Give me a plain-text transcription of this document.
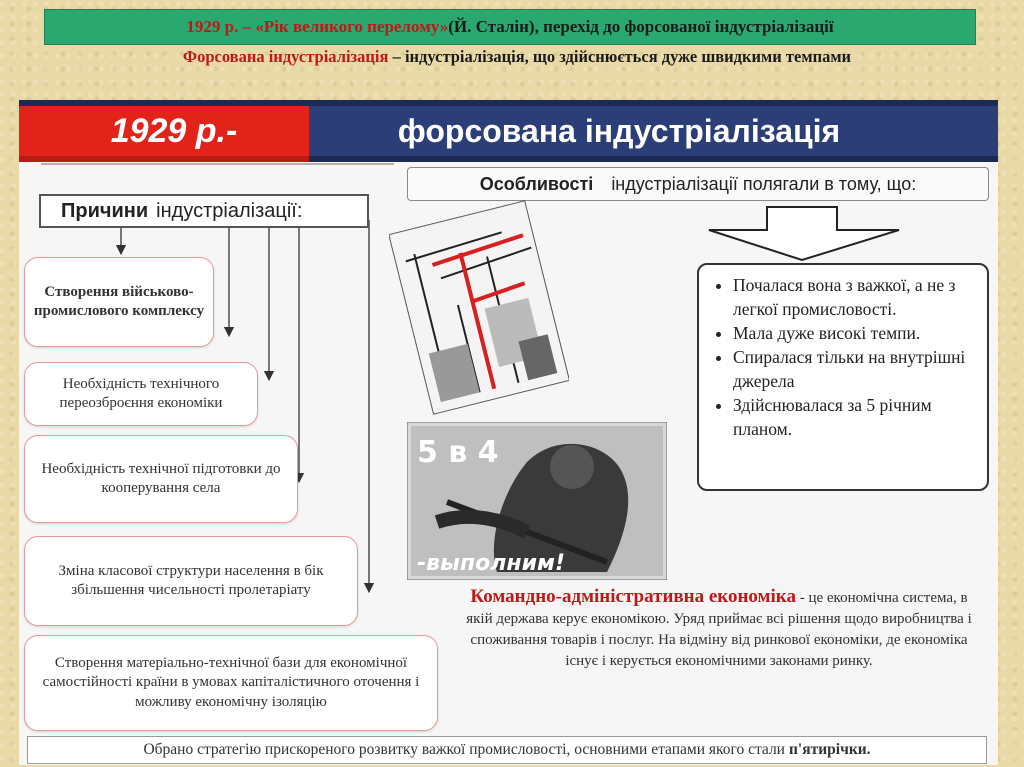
1929 р. – «Рік великого перелому» (Й. Сталін), перехід до форсованої індустріалізації
Форсована індустріалізація – індустріалізація, що здійснюється дуже швидкими темпами
1929 р.-	форсована індустріалізація
Особливості індустріалізації полягали в тому, що:
Причини індустріалізації:
Створення військово-промислового комплексу
Необхідність технічного переозброєння економіки
Необхідність технічної підготовки до кооперування села
Зміна класової структури населення в бік збільшення чисельності пролетаріату
Створення матеріально-технічної бази для економічної самостійності країни в умовах капіталістичного оточення і можливу економічну ізоляцію
5 в 4
-выполним!
• Почалася вона з важкої, а не з легкої промисловості.
• Мала дуже високі темпи.
• Спиралася тільки на внутрішні джерела
• Здійснювалася за 5 річним планом.
Командно-адміністративна економіка - це економічна система, в якій держава керує економікою. Уряд приймає всі рішення щодо виробництва і споживання товарів і послуг. На відміну від ринкової економіки, де економіка існує і керується економічними законами ринку.
Обрано стратегію прискореного розвитку важкої промисловості, основними етапами якого стали п'ятирічки.
